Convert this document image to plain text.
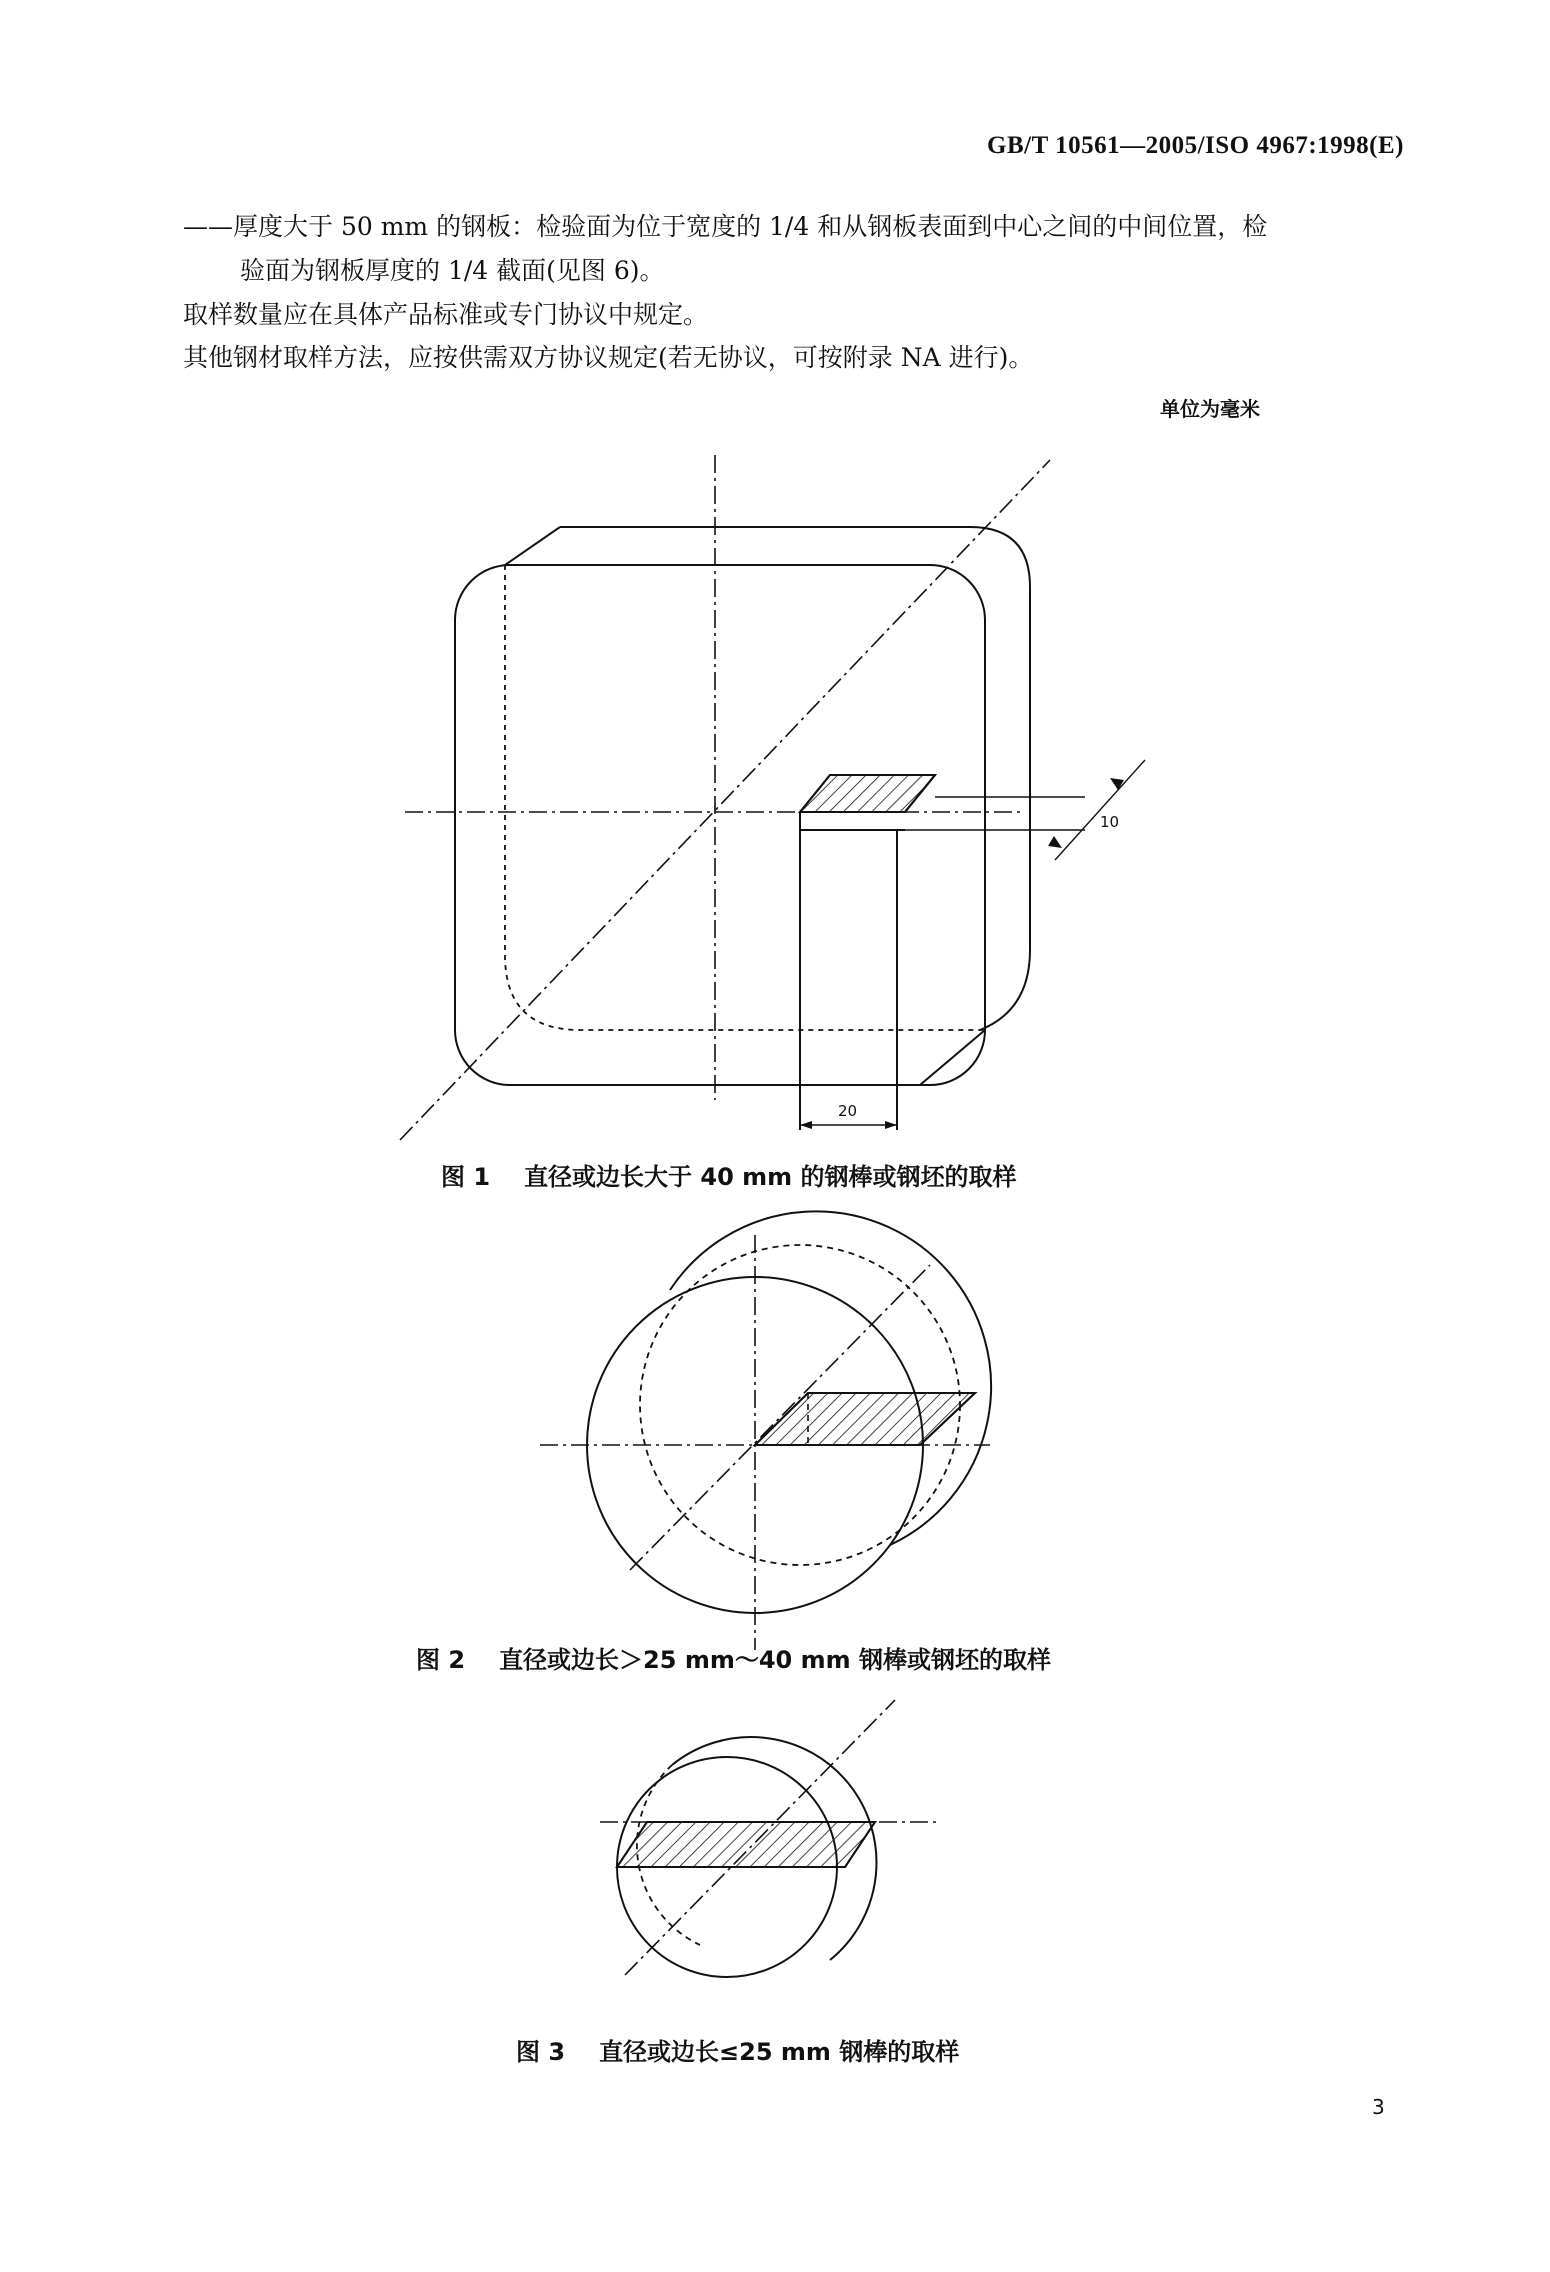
GB/T 10561—2005/ISO 4967:1998(E)
——厚度大于 50 mm 的钢板：检验面为位于宽度的 1/4 和从钢板表面到中心之间的中间位置，检
验面为钢板厚度的 1/4 截面(见图 6)。
取样数量应在具体产品标准或专门协议中规定。
其他钢材取样方法，应按供需双方协议规定(若无协议，可按附录 NA 进行)。
单位为毫米
10
20
图 1 直径或边长大于 40 mm 的钢棒或钢坯的取样
图 2 直径或边长＞25 mm～40 mm 钢棒或钢坯的取样
图 3 直径或边长≤25 mm 钢棒的取样
3
